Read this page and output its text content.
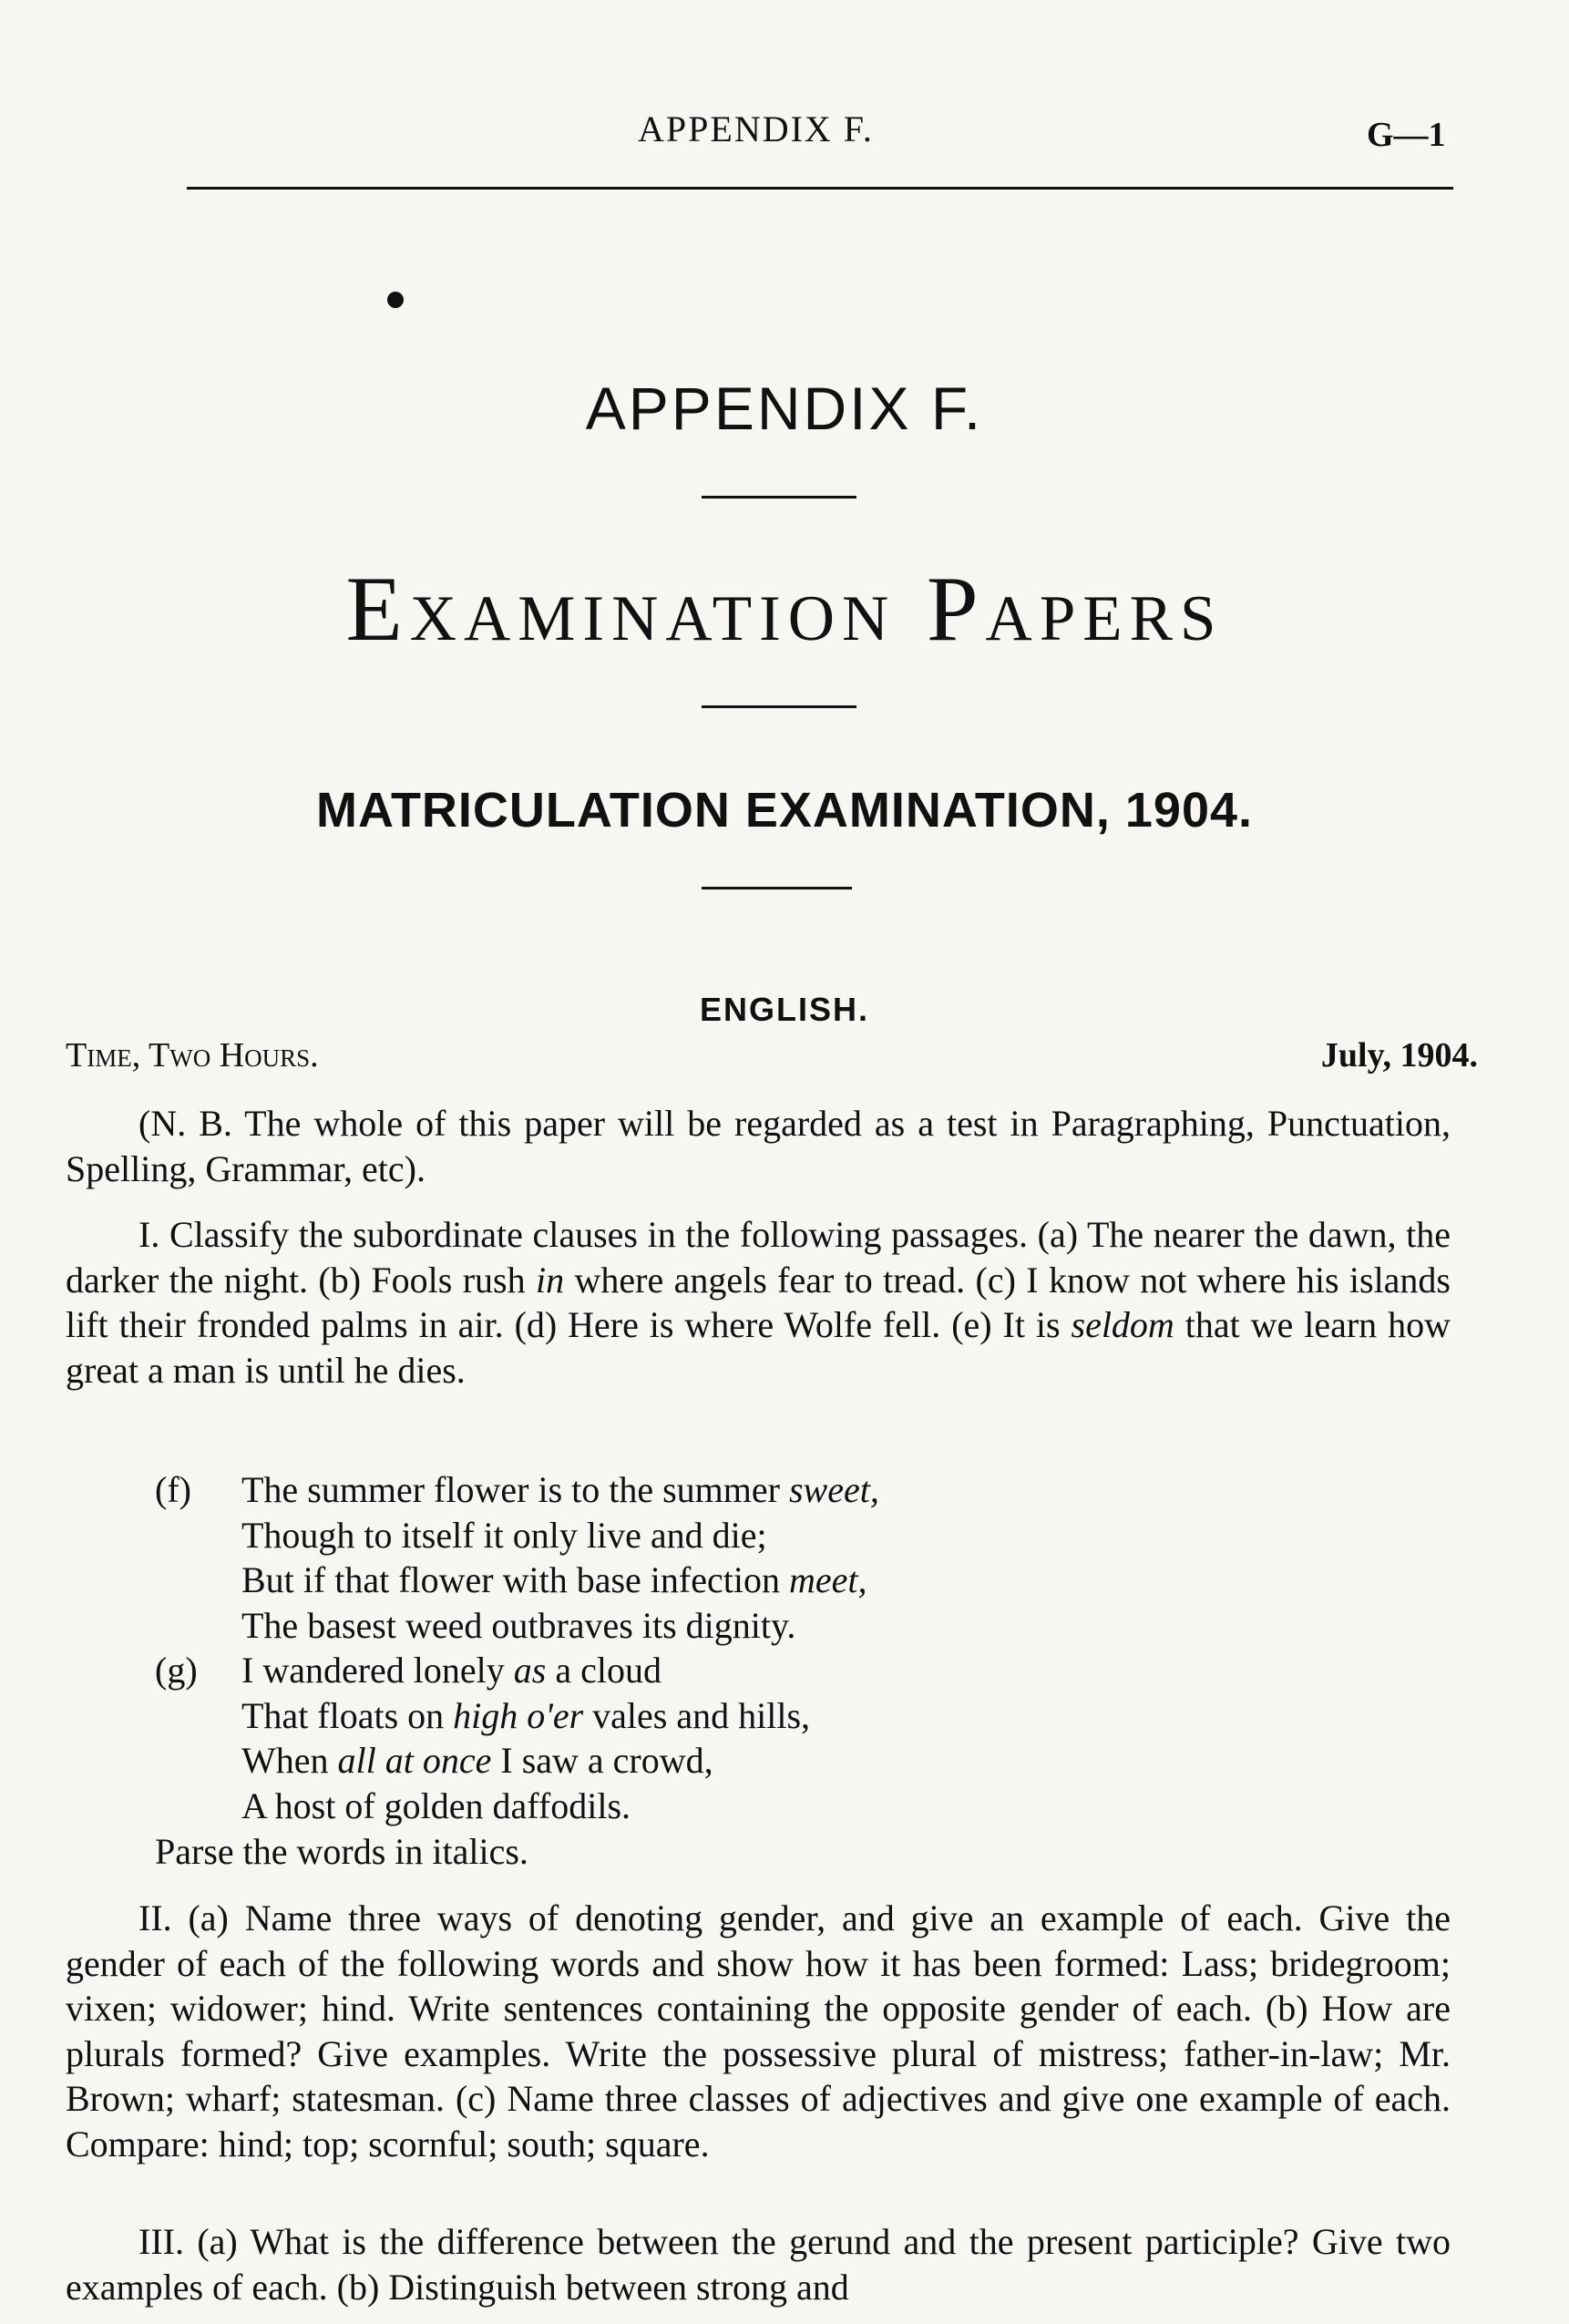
APPENDIX F.	G—1
APPENDIX F.
Examination Papers
MATRICULATION EXAMINATION, 1904.
ENGLISH.
Time, Two Hours.	July, 1904.

(N. B. The whole of this paper will be regarded as a test in Paragraphing, Punctuation, Spelling, Grammar, etc).

I. Classify the subordinate clauses in the following passages. (a) The nearer the dawn, the darker the night. (b) Fools rush in where angels fear to tread. (c) I know not where his islands lift their fronded palms in air. (d) Here is where Wolfe fell. (e) It is seldom that we learn how great a man is until he dies.

(f) The summer flower is to the summer sweet,
Though to itself it only live and die;
But if that flower with base infection meet,
The basest weed outbraves its dignity.
(g) I wandered lonely as a cloud
That floats on high o'er vales and hills,
When all at once I saw a crowd,
A host of golden daffodils.
Parse the words in italics.

II. (a) Name three ways of denoting gender, and give an example of each. Give the gender of each of the following words and show how it has been formed: Lass; bridegroom; vixen; widower; hind. Write sentences containing the opposite gender of each. (b) How are plurals formed? Give examples. Write the possessive plural of mistress; father-in-law; Mr. Brown; wharf; statesman. (c) Name three classes of adjectives and give one example of each. Compare: hind; top; scornful; south; square.

III. (a) What is the difference between the gerund and the present participle? Give two examples of each. (b) Distinguish between strong and
